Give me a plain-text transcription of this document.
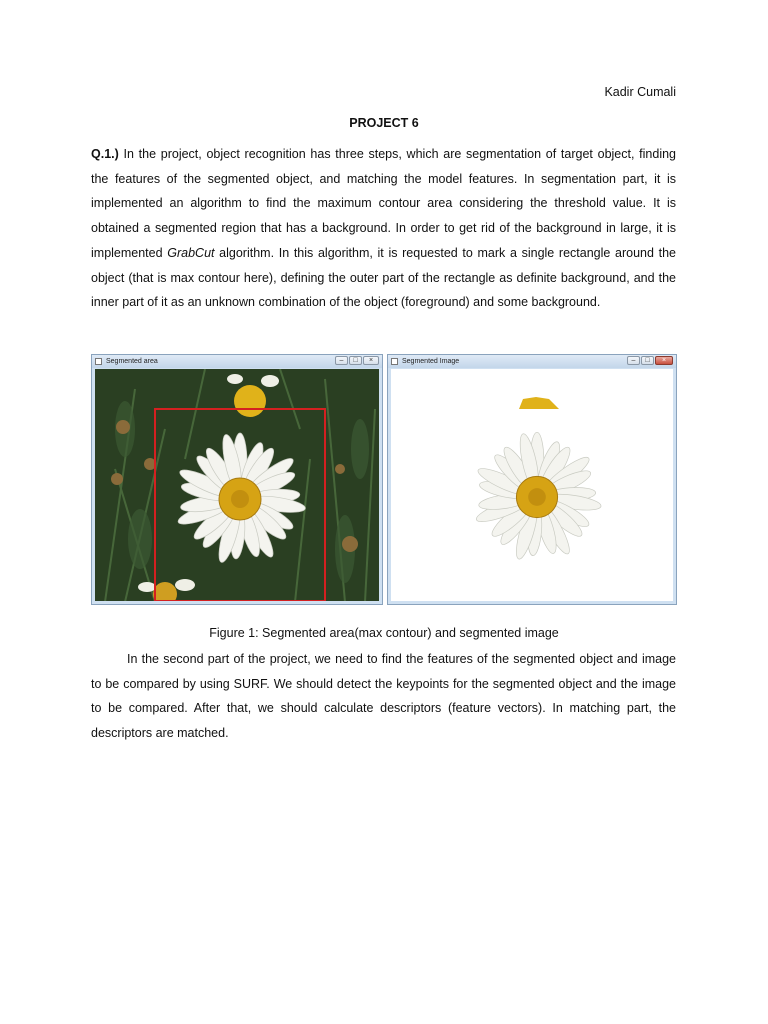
Kadir Cumali
PROJECT 6

Q.1.) In the project, object recognition has three steps, which are segmentation of target object, finding the features of the segmented object, and matching the model features. In segmentation part, it is implemented an algorithm to find the maximum contour area considering the threshold value. It is obtained a segmented region that has a background. In order to get rid of the background in large, it is implemented GrabCut algorithm. In this algorithm, it is requested to mark a single rectangle around the object (that is max contour here), defining the outer part of the rectangle as definite background, and the inner part of it as an unknown combination of the object (foreground) and some background.

Segmented area	–	□	×	Segmented Image	–	□	×
Figure 1: Segmented area(max contour) and segmented image

In the second part of the project, we need to find the features of the segmented object and image to be compared by using SURF. We should detect the keypoints for the segmented object and the image to be compared. After that, we should calculate descriptors (feature vectors). In matching part, the descriptors are matched.
